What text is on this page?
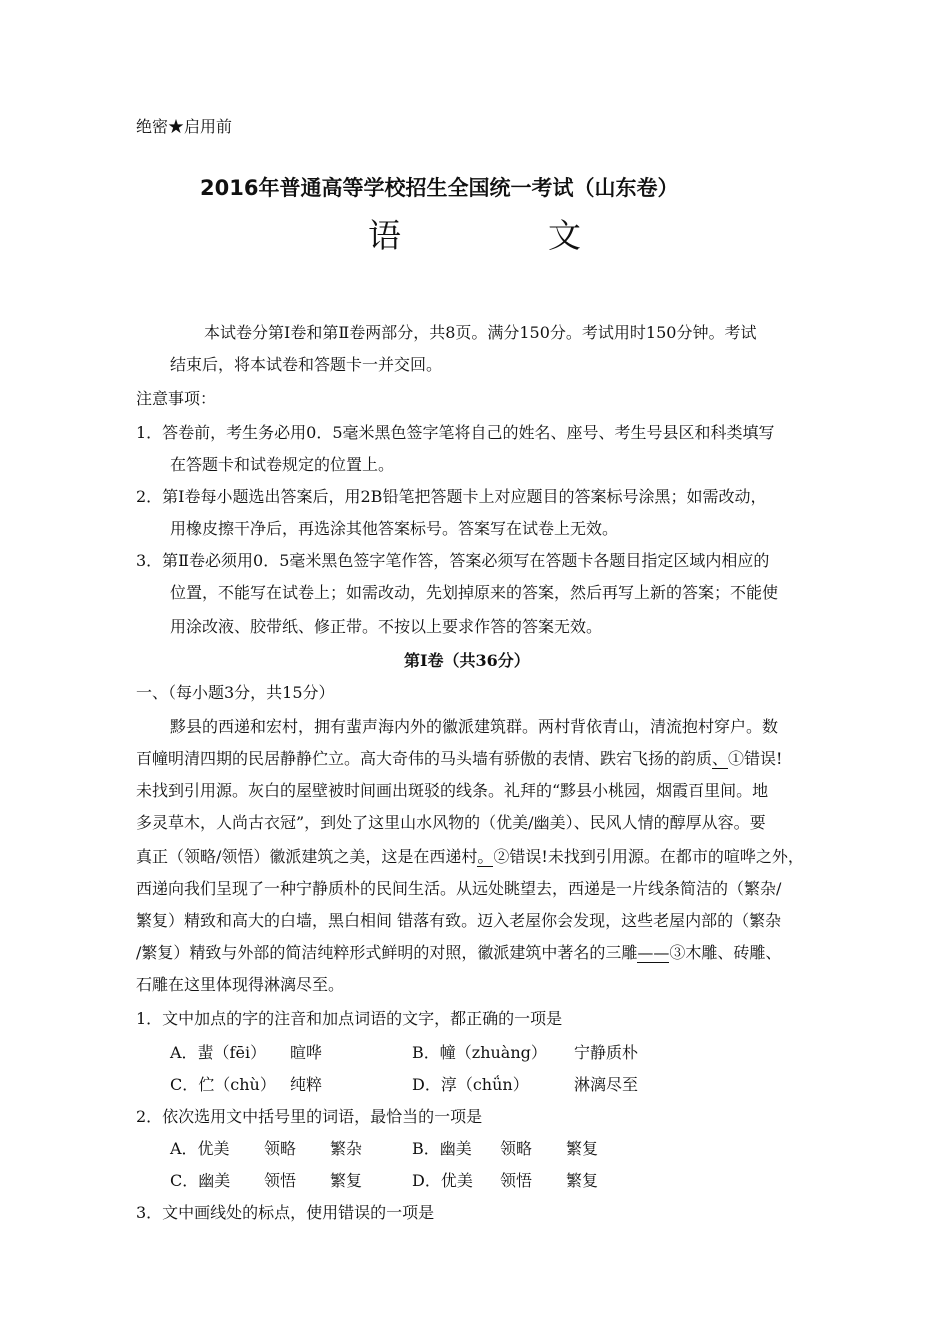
绝密★启用前
2016年普通高等学校招生全国统一考试（山东卷）
语	文
本试卷分第Ⅰ卷和第Ⅱ卷两部分，共8页。满分150分。考试用时150分钟。考试
结束后，将本试卷和答题卡一并交回。
注意事项：
1．答卷前，考生务必用0．5毫米黑色签字笔将自己的姓名、座号、考生号县区和科类填写
在答题卡和试卷规定的位置上。
2．第Ⅰ卷每小题选出答案后，用2B铅笔把答题卡上对应题目的答案标号涂黑；如需改动，
用橡皮擦干净后，再选涂其他答案标号。答案写在试卷上无效。
3．第Ⅱ卷必须用0．5毫米黑色签字笔作答，答案必须写在答题卡各题目指定区域内相应的
位置，不能写在试卷上；如需改动，先划掉原来的答案，然后再写上新的答案；不能使
用涂改液、胶带纸、修正带。不按以上要求作答的答案无效。
第Ⅰ卷（共36分）
一、（每小题3分，共15分）
黟县的西递和宏村，拥有蜚声海内外的徽派建筑群。两村背依青山，清流抱村穿户。数
百幢明清四期的民居静静伫立。高大奇伟的马头墙有骄傲的表情、跌宕飞扬的韵质、①错误!
未找到引用源。灰白的屋壁被时间画出斑驳的线条。礼拜的“黟县小桃园，烟霞百里间。地
多灵草木，人尚古衣冠”，到处了这里山水风物的（优美/幽美）、民风人情的醇厚从容。要
真正（领略/领悟）徽派建筑之美，这是在西递村。②错误!未找到引用源。在都市的喧哗之外，
西递向我们呈现了一种宁静质朴的民间生活。从远处眺望去，西递是一片线条简洁的（繁杂/
繁复）精致和高大的白墙，黑白相间 错落有致。迈入老屋你会发现，这些老屋内部的（繁杂
/繁复）精致与外部的简洁纯粹形式鲜明的对照，徽派建筑中著名的三雕——③木雕、砖雕、
石雕在这里体现得淋漓尽至。
1．文中加点的字的注音和加点词语的文字，都正确的一项是
A．蜚（fēi） 暄哗	B．幢（zhuàng） 宁静质朴
C．伫（chù） 纯粹	D．淳（chǘn）	淋漓尽至
2．依次选用文中括号里的词语，最恰当的一项是
A．优美 领略 繁杂	B．幽美 领略 繁复
C．幽美 领悟 繁复	D．优美 领悟 繁复
3．文中画线处的标点，使用错误的一项是
